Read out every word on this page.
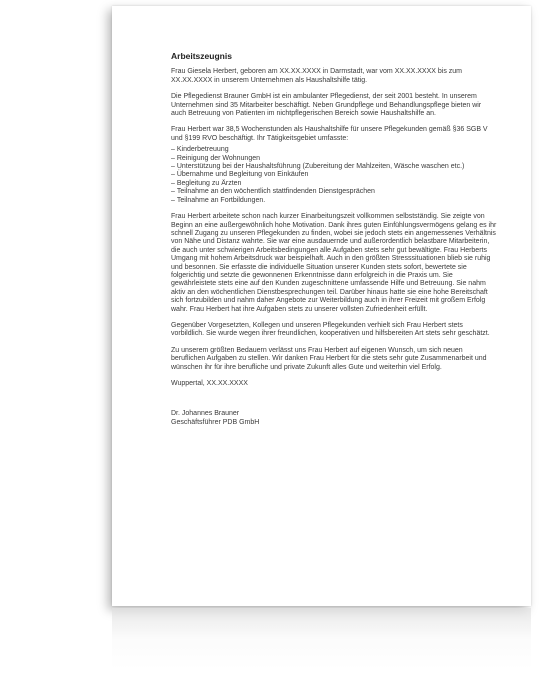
Arbeitszeugnis

Frau Giesela Herbert, geboren am XX.XX.XXXX in Darmstadt, war vom XX.XX.XXXX bis zum
XX.XX.XXXX in unserem Unternehmen als Haushaltshilfe tätig.

Die Pflegedienst Brauner GmbH ist ein ambulanter Pflegedienst, der seit 2001 besteht. In unserem
Unternehmen sind 35 Mitarbeiter beschäftigt. Neben Grundpflege und Behandlungspflege bieten wir
auch Betreuung von Patienten im nichtpflegerischen Bereich sowie Haushaltshilfe an.

Frau Herbert war 38,5 Wochenstunden als Haushaltshilfe für unsere Pflegekunden gemäß §36 SGB V
und §199 RVO beschäftigt. Ihr Tätigkeitsgebiet umfasste:

– Kinderbetreuung
– Reinigung der Wohnungen
– Unterstützung bei der Haushaltsführung (Zubereitung der Mahlzeiten, Wäsche waschen etc.)
– Übernahme und Begleitung von Einkäufen
– Begleitung zu Ärzten
– Teilnahme an den wöchentlich stattfindenden Dienstgesprächen
– Teilnahme an Fortbildungen.

Frau Herbert arbeitete schon nach kurzer Einarbeitungszeit vollkommen selbstständig. Sie zeigte von
Beginn an eine außergewöhnlich hohe Motivation. Dank ihres guten Einfühlungsvermögens gelang es ihr
schnell Zugang zu unseren Pflegekunden zu finden, wobei sie jedoch stets ein angemessenes Verhältnis
von Nähe und Distanz wahrte. Sie war eine ausdauernde und außerordentlich belastbare Mitarbeiterin,
die auch unter schwierigen Arbeitsbedingungen alle Aufgaben stets sehr gut bewältigte. Frau Herberts
Umgang mit hohem Arbeitsdruck war beispielhaft. Auch in den größten Stresssituationen blieb sie ruhig
und besonnen. Sie erfasste die individuelle Situation unserer Kunden stets sofort, bewertete sie
folgerichtig und setzte die gewonnenen Erkenntnisse dann erfolgreich in die Praxis um. Sie
gewährleistete stets eine auf den Kunden zugeschnittene umfassende Hilfe und Betreuung. Sie nahm
aktiv an den wöchentlichen Dienstbesprechungen teil. Darüber hinaus hatte sie eine hohe Bereitschaft
sich fortzubilden und nahm daher Angebote zur Weiterbildung auch in ihrer Freizeit mit großem Erfolg
wahr. Frau Herbert hat ihre Aufgaben stets zu unserer vollsten Zufriedenheit erfüllt.

Gegenüber Vorgesetzten, Kollegen und unseren Pflegekunden verhielt sich Frau Herbert stets
vorbildlich. Sie wurde wegen ihrer freundlichen, kooperativen und hilfsbereiten Art stets sehr geschätzt.

Zu unserem größten Bedauern verlässt uns Frau Herbert auf eigenen Wunsch, um sich neuen
beruflichen Aufgaben zu stellen. Wir danken Frau Herbert für die stets sehr gute Zusammenarbeit und
wünschen ihr für ihre berufliche und private Zukunft alles Gute und weiterhin viel Erfolg.

Wuppertal, XX.XX.XXXX

Dr. Johannes Brauner
Geschäftsführer PDB GmbH
